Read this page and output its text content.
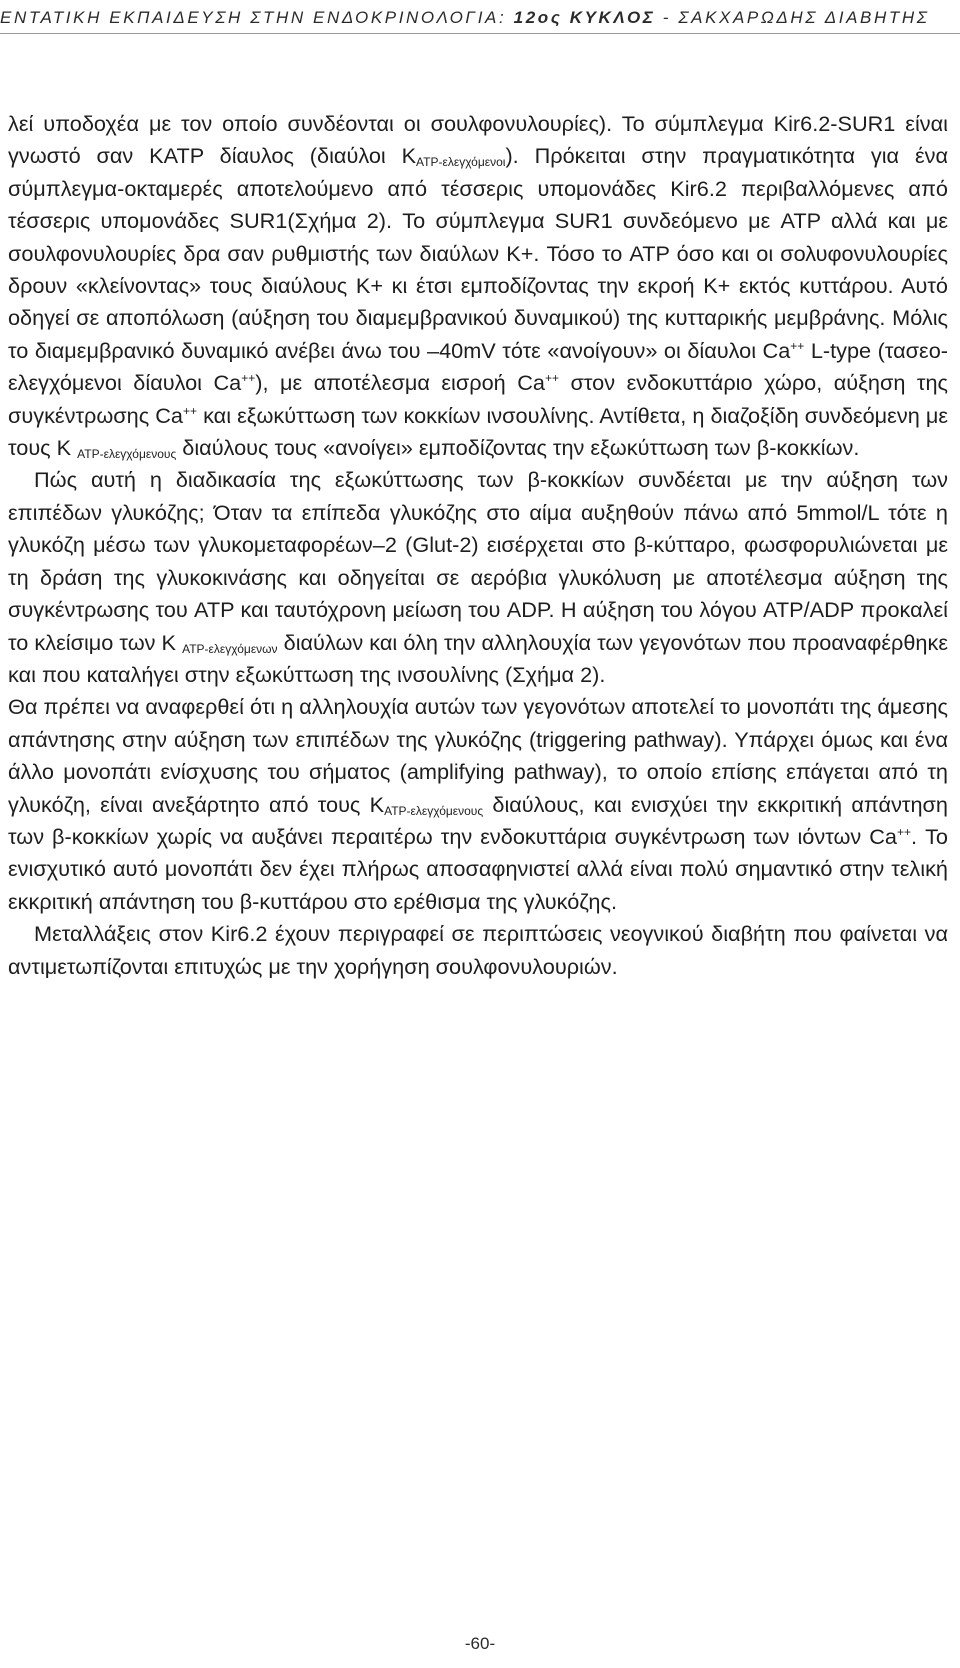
ΕΝΤΑΤΙΚΗ ΕΚΠΑΙΔΕΥΣΗ ΣΤΗΝ ΕΝΔΟΚΡΙΝΟΛΟΓΙΑ: 12ος ΚΥΚΛΟΣ - ΣΑΚΧΑΡΩΔΗΣ ΔΙΑΒΗΤΗΣ

λεί υποδοχέα με τον οποίο συνδέονται οι σουλφονυλουρίες). Το σύμπλεγμα Kir6.2-SUR1 είναι γνωστό σαν KATP δίαυλος (διαύλοι $K_{ATP-\varepsilon\lambda\varepsilon\gamma\chi ό\mu\varepsilon\nu o\iota}$). Πρόκειται στην πραγματικότητα για ένα σύμπλεγμα-οκταμερές αποτελούμενο από τέσσερις υπομονάδες Kir6.2 περιβαλλόμενες από τέσσερις υπομονάδες SUR1(Σχήμα 2). Το σύμπλεγμα SUR1 συνδεόμενο με ATP αλλά και με σουλφονυλουρίες δρα σαν ρυθμιστής των διαύλων K+. Τόσο το ATP όσο και οι σολυφονυλουρίες δρουν «κλείνοντας» τους διαύλους K+ κι έτσι εμποδίζοντας την εκροή K+ εκτός κυττάρου. Αυτό οδηγεί σε αποπόλωση (αύξηση του διαμεμβρανικού δυναμικού) της κυτταρικής μεμβράνης. Μόλις το διαμεμβρανικό δυναμικό ανέβει άνω του –40mV τότε «ανοίγουν» οι δίαυλοι Ca++ L-type (τασεο-ελεγχόμενοι δίαυλοι Ca++), με αποτέλεσμα εισροή Ca++ στον ενδοκυττάριο χώρο, αύξηση της συγκέντρωσης Ca++ και εξωκύττωση των κοκκίων ινσουλίνης. Αντίθετα, η διαζοξίδη συνδεόμενη με τους K $_{ATP-\varepsilon\lambda\varepsilon\gamma\chi ό\mu\varepsilon\nu o\upsilon\varsigma}$ διαύλους τους «ανοίγει» εμποδίζοντας την εξωκύττωση των β-κοκκίων.

Πώς αυτή η διαδικασία της εξωκύττωσης των β-κοκκίων συνδέεται με την αύξηση των επιπέδων γλυκόζης; Όταν τα επίπεδα γλυκόζης στο αίμα αυξηθούν πάνω από 5mmol/L τότε η γλυκόζη μέσω των γλυκομεταφορέων–2 (Glut-2) εισέρχεται στο β-κύτταρο, φωσφορυλιώνεται με τη δράση της γλυκοκινάσης και οδηγείται σε αερόβια γλυκόλυση με αποτέλεσμα αύξηση της συγκέντρωσης του ATP και ταυτόχρονη μείωση του ADP. Η αύξηση του λόγου ATP/ADP προκαλεί το κλείσιμο των K $_{ATP-\varepsilon\lambda\varepsilon\gamma\chi ό\mu\varepsilon\nu\omega\nu}$ διαύλων και όλη την αλληλουχία των γεγονότων που προαναφέρθηκε και που καταλήγει στην εξωκύττωση της ινσουλίνης (Σχήμα 2).

Θα πρέπει να αναφερθεί ότι η αλληλουχία αυτών των γεγονότων αποτελεί το μονοπάτι της άμεσης απάντησης στην αύξηση των επιπέδων της γλυκόζης (triggering pathway). Υπάρχει όμως και ένα άλλο μονοπάτι ενίσχυσης του σήματος (amplifying pathway), το οποίο επίσης επάγεται από τη γλυκόζη, είναι ανεξάρτητο από τους $K_{ATP-\varepsilon\lambda\varepsilon\gamma\chi ό\mu\varepsilon\nu o\upsilon\varsigma}$ διαύλους, και ενισχύει την εκκριτική απάντηση των β-κοκκίων χωρίς να αυξάνει περαιτέρω την ενδοκυττάρια συγκέντρωση των ιόντων Ca++. Το ενισχυτικό αυτό μονοπάτι δεν έχει πλήρως αποσαφηνιστεί αλλά είναι πολύ σημαντικό στην τελική εκκριτική απάντηση του β-κυττάρου στο ερέθισμα της γλυκόζης.

Μεταλλάξεις στον Kir6.2 έχουν περιγραφεί σε περιπτώσεις νεογνικού διαβήτη που φαίνεται να αντιμετωπίζονται επιτυχώς με την χορήγηση σουλφονυλουριών.

-60-
